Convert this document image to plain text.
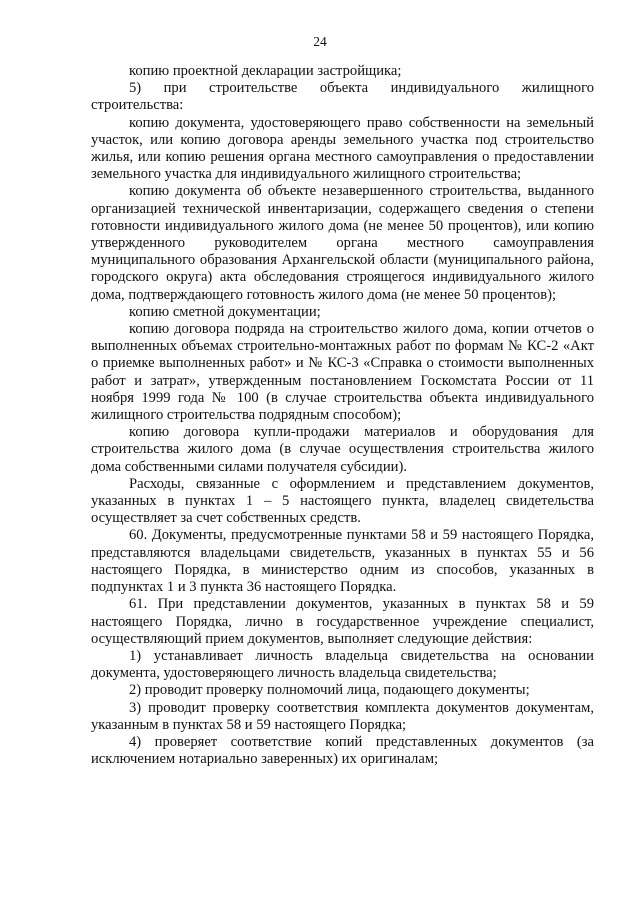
24

копию проектной декларации застройщика;

5) при строительстве объекта индивидуального жилищного строительства:

копию документа, удостоверяющего право собственности на земельный участок, или копию договора аренды земельного участка под строительство жилья, или копию решения органа местного самоуправления о предоставлении земельного участка для индивидуального жилищного строительства;

копию документа об объекте незавершенного строительства, выданного организацией технической инвентаризации, содержащего сведения о степени готовности индивидуального жилого дома (не менее 50 процентов), или копию утвержденного руководителем органа местного самоуправления муниципального образования Архангельской области (муниципального района, городского округа) акта обследования строящегося индивидуального жилого дома, подтверждающего готовность жилого дома (не менее 50 процентов);

копию сметной документации;

копию договора подряда на строительство жилого дома, копии отчетов о выполненных объемах строительно-монтажных работ по формам № КС-2 «Акт о приемке выполненных работ» и № КС-3 «Справка о стоимости выполненных работ и затрат», утвержденным постановлением Госкомстата России от 11 ноября 1999 года № 100 (в случае строительства объекта индивидуального жилищного строительства подрядным способом);

копию договора купли-продажи материалов и оборудования для строительства жилого дома (в случае осуществления строительства жилого дома собственными силами получателя субсидии).

Расходы, связанные с оформлением и представлением документов, указанных в пунктах 1 – 5 настоящего пункта, владелец свидетельства осуществляет за счет собственных средств.

60. Документы, предусмотренные пунктами 58 и 59 настоящего Порядка, представляются владельцами свидетельств, указанных в пунктах 55 и 56 настоящего Порядка, в министерство одним из способов, указанных в подпунктах 1 и 3 пункта 36 настоящего Порядка.

61. При представлении документов, указанных в пунктах 58 и 59 настоящего Порядка, лично в государственное учреждение специалист, осуществляющий прием документов, выполняет следующие действия:

1) устанавливает личность владельца свидетельства на основании документа, удостоверяющего личность владельца свидетельства;

2) проводит проверку полномочий лица, подающего документы;

3) проводит проверку соответствия комплекта документов документам, указанным в пунктах 58 и 59 настоящего Порядка;

4) проверяет соответствие копий представленных документов (за исключением нотариально заверенных) их оригиналам;
